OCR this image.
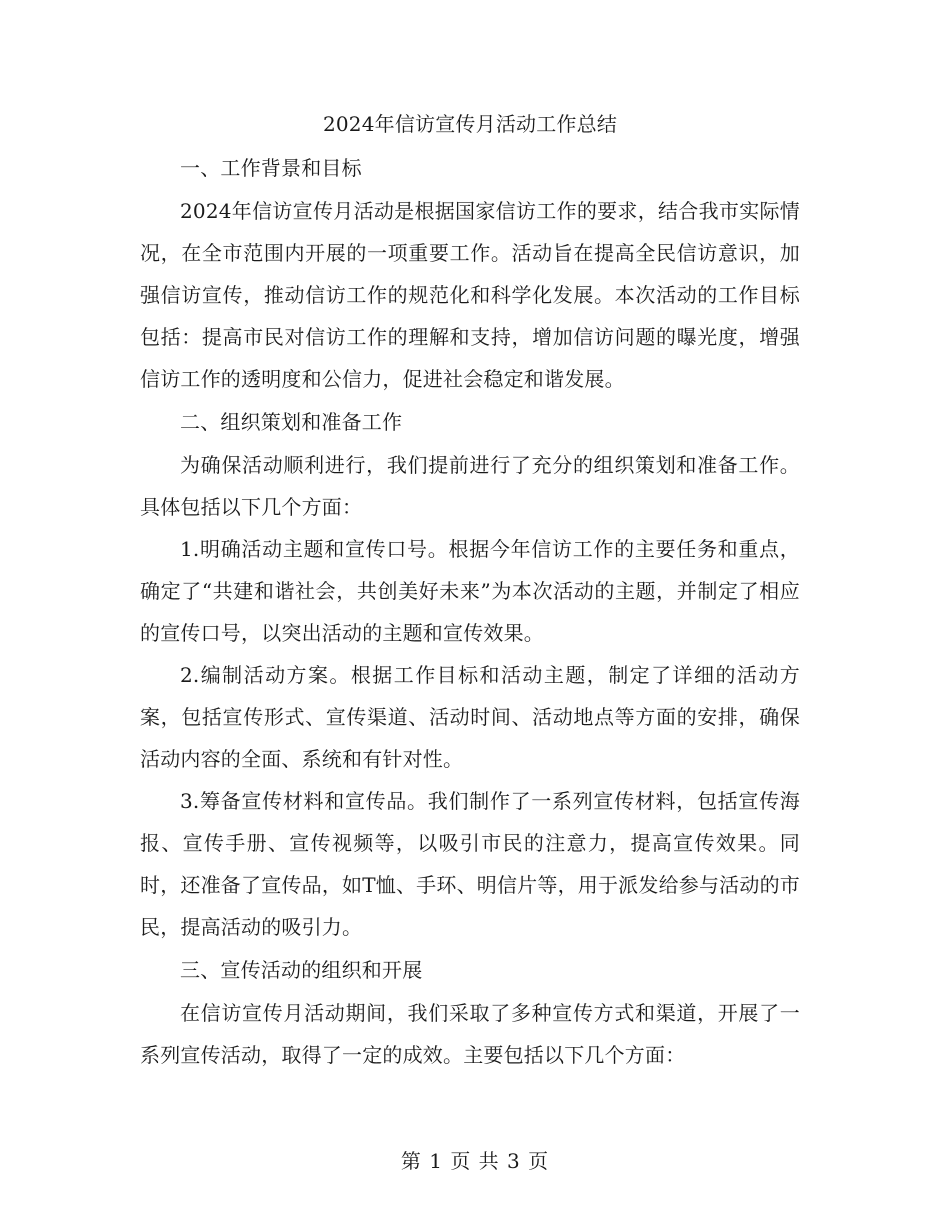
2024年信访宣传月活动工作总结

一、工作背景和目标

2024年信访宣传月活动是根据国家信访工作的要求，结合我市实际情况，在全市范围内开展的一项重要工作。活动旨在提高全民信访意识，加强信访宣传，推动信访工作的规范化和科学化发展。本次活动的工作目标包括：提高市民对信访工作的理解和支持，增加信访问题的曝光度，增强信访工作的透明度和公信力，促进社会稳定和谐发展。

二、组织策划和准备工作

为确保活动顺利进行，我们提前进行了充分的组织策划和准备工作。具体包括以下几个方面：

1.明确活动主题和宣传口号。根据今年信访工作的主要任务和重点，确定了“共建和谐社会，共创美好未来”为本次活动的主题，并制定了相应的宣传口号，以突出活动的主题和宣传效果。

2.编制活动方案。根据工作目标和活动主题，制定了详细的活动方案，包括宣传形式、宣传渠道、活动时间、活动地点等方面的安排，确保活动内容的全面、系统和有针对性。

3.筹备宣传材料和宣传品。我们制作了一系列宣传材料，包括宣传海报、宣传手册、宣传视频等，以吸引市民的注意力，提高宣传效果。同时，还准备了宣传品，如T恤、手环、明信片等，用于派发给参与活动的市民，提高活动的吸引力。

三、宣传活动的组织和开展

在信访宣传月活动期间，我们采取了多种宣传方式和渠道，开展了一系列宣传活动，取得了一定的成效。主要包括以下几个方面：

第 1 页 共 3 页
